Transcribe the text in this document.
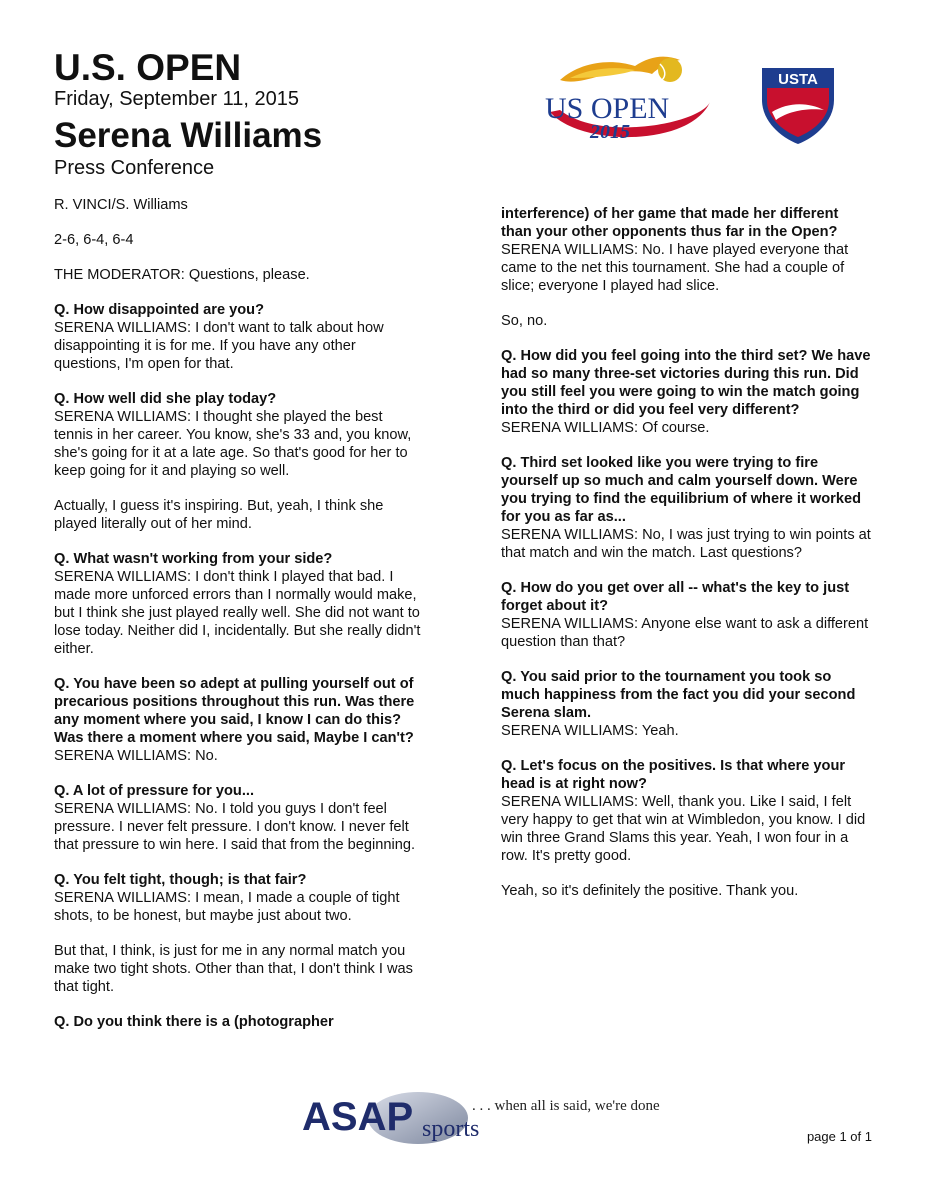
U.S. OPEN
Friday, September 11, 2015
Serena Williams
Press Conference
US OPEN
2015
USTA
R. VINCI/S. Williams
2-6, 6-4, 6-4
THE MODERATOR: Questions, please.
Q. How disappointed are you?
SERENA WILLIAMS: I don't want to talk about how disappointing it is for me. If you have any other questions, I'm open for that.
Q. How well did she play today?
SERENA WILLIAMS: I thought she played the best tennis in her career. You know, she's 33 and, you know, she's going for it at a late age. So that's good for her to keep going for it and playing so well.
Actually, I guess it's inspiring. But, yeah, I think she played literally out of her mind.
Q. What wasn't working from your side?
SERENA WILLIAMS: I don't think I played that bad. I made more unforced errors than I normally would make, but I think she just played really well. She did not want to lose today. Neither did I, incidentally. But she really didn't either.
Q. You have been so adept at pulling yourself out of precarious positions throughout this run. Was there any moment where you said, I know I can do this? Was there a moment where you said, Maybe I can't?
SERENA WILLIAMS: No.
Q. A lot of pressure for you...
SERENA WILLIAMS: No. I told you guys I don't feel pressure. I never felt pressure. I don't know. I never felt that pressure to win here. I said that from the beginning.
Q. You felt tight, though; is that fair?
SERENA WILLIAMS: I mean, I made a couple of tight shots, to be honest, but maybe just about two.
But that, I think, is just for me in any normal match you make two tight shots. Other than that, I don't think I was that tight.
Q. Do you think there is a (photographer
interference) of her game that made her different than your other opponents thus far in the Open?
SERENA WILLIAMS: No. I have played everyone that came to the net this tournament. She had a couple of slice; everyone I played had slice.
So, no.
Q. How did you feel going into the third set? We have had so many three-set victories during this run. Did you still feel you were going to win the match going into the third or did you feel very different?
SERENA WILLIAMS: Of course.
Q. Third set looked like you were trying to fire yourself up so much and calm yourself down. Were you trying to find the equilibrium of where it worked for you as far as...
SERENA WILLIAMS: No, I was just trying to win points at that match and win the match. Last questions?
Q. How do you get over all -- what's the key to just forget about it?
SERENA WILLIAMS: Anyone else want to ask a different question than that?
Q. You said prior to the tournament you took so much happiness from the fact you did your second Serena slam.
SERENA WILLIAMS: Yeah.
Q. Let's focus on the positives. Is that where your head is at right now?
SERENA WILLIAMS: Well, thank you. Like I said, I felt very happy to get that win at Wimbledon, you know. I did win three Grand Slams this year. Yeah, I won four in a row. It's pretty good.
Yeah, so it's definitely the positive. Thank you.
ASAP sports
. . . when all is said, we're done
page 1 of 1
